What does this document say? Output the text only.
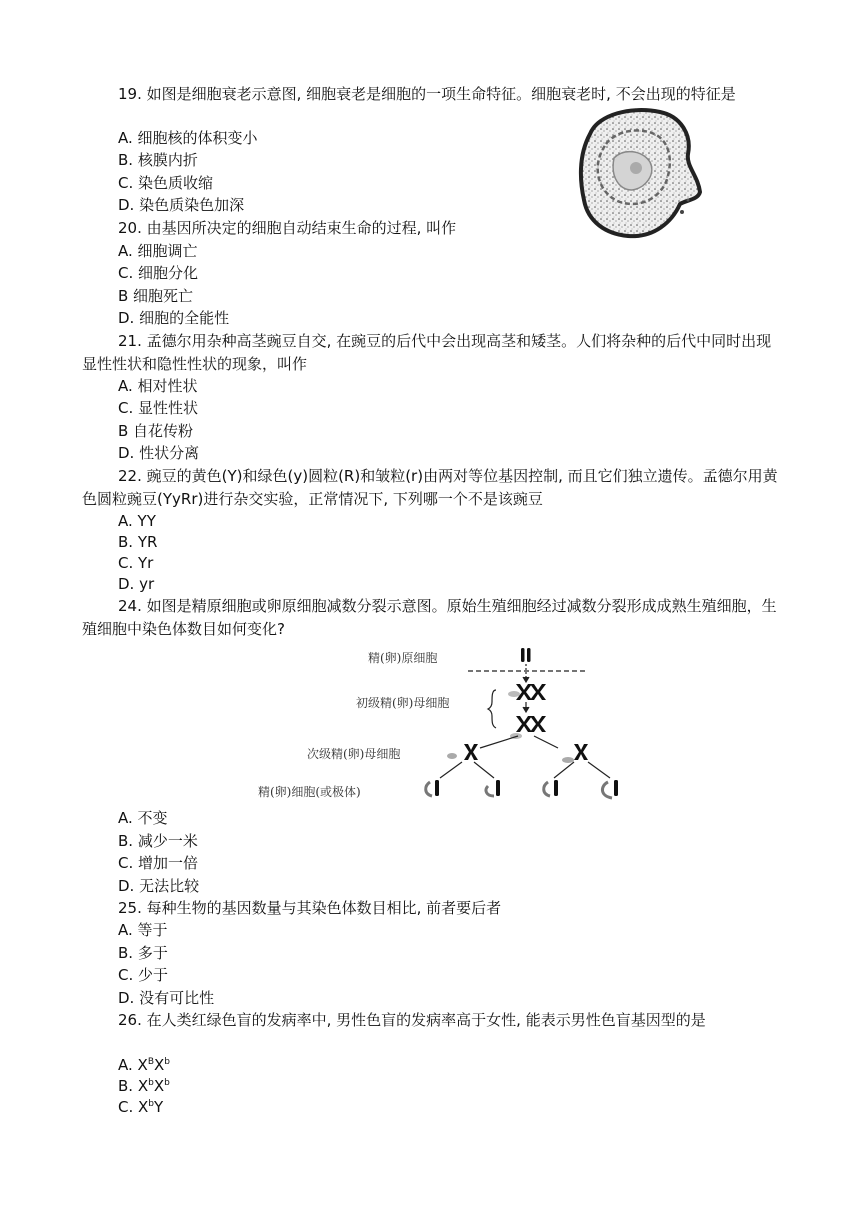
19. 如图是细胞衰老示意图, 细胞衰老是细胞的一项生命特征。细胞衰老时, 不会出现的特征是
A. 细胞核的体积变小
B. 核膜内折
C. 染色质收缩
D. 染色质染色加深
20. 由基因所决定的细胞自动结束生命的过程, 叫作
A. 细胞调亡
C. 细胞分化
B 细胞死亡
D. 细胞的全能性
21. 孟德尔用杂种高茎豌豆自交, 在豌豆的后代中会出现高茎和矮茎。人们将杂种的后代中同时出现显性性状和隐性性状的现象，叫作
A. 相对性状
C. 显性性状
B 自花传粉
D. 性状分离
22. 豌豆的黄色(Y)和绿色(y)圆粒(R)和皱粒(r)由两对等位基因控制, 而且它们独立遗传。孟德尔用黄色圆粒豌豆(YyRr)进行杂交实验，正常情况下, 下列哪一个不是该豌豆
A. YY
B. YR
C. Yr
D. yr
24. 如图是精原细胞或卵原细胞减数分裂示意图。原始生殖细胞经过减数分裂形成成熟生殖细胞，生殖细胞中染色体数目如何变化?
精(卵)原细胞
初级精(卵)母细胞
次级精(卵)母细胞
精(卵)细胞(或极体)
A. 不变
B. 减少一米
C. 增加一倍
D. 无法比较
25. 每种生物的基因数量与其染色体数目相比, 前者要后者
A. 等于
B. 多于
C. 少于
D. 没有可比性
26. 在人类红绿色盲的发病率中, 男性色盲的发病率高于女性, 能表示男性色盲基因型的是
A. $X^BX^b$
B. $X^bX^b$
C. $X^bY$
